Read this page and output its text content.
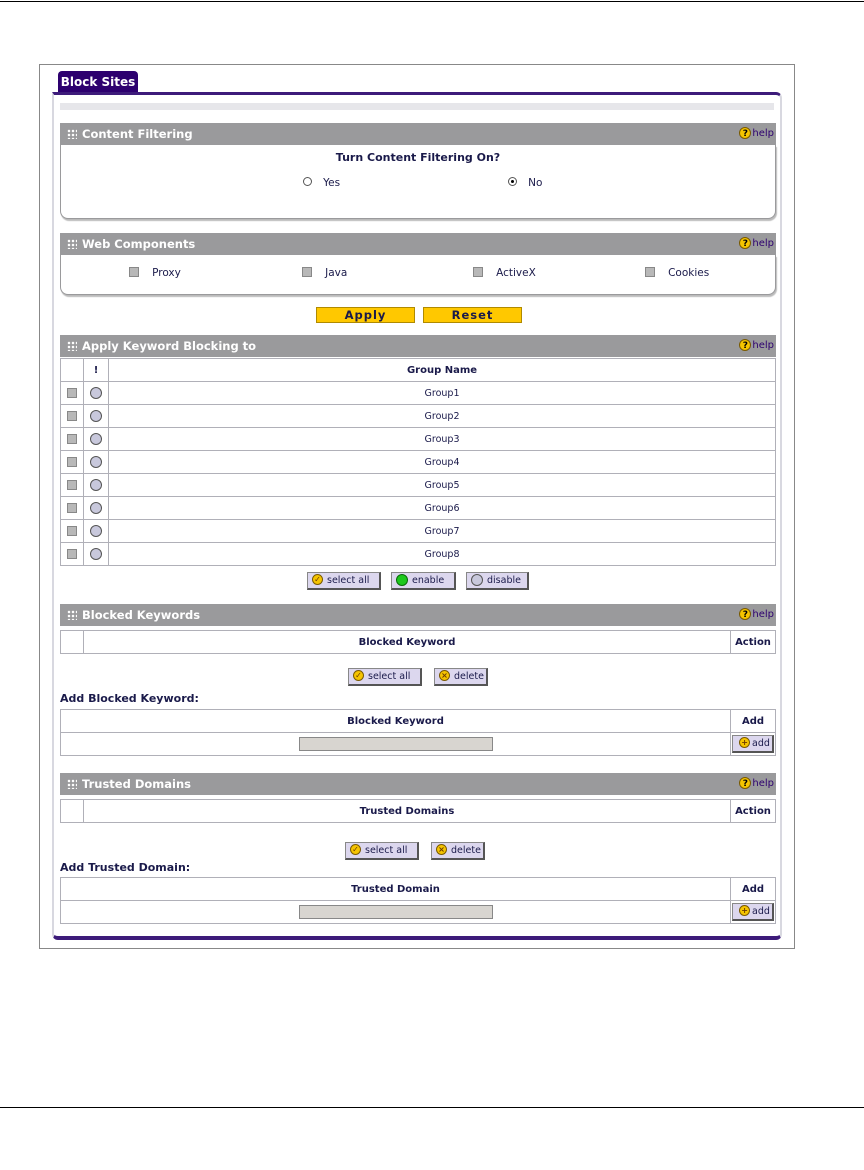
Block Sites
Content Filtering	? help
Turn Content Filtering On?
Yes	No
Web Components	? help
Proxy	Java	ActiveX	Cookies
Apply	Reset
Apply Keyword Blocking to	? help
	!	Group Name
		Group1
		Group2
		Group3
		Group4
		Group5
		Group6
		Group7
		Group8
✓ select all	enable	disable
Blocked Keywords	? help
	Blocked Keyword	Action
✓ select all	× delete
Add Blocked Keyword:
Blocked Keyword	Add
	+ add
Trusted Domains	? help
	Trusted Domains	Action
✓ select all	× delete
Add Trusted Domain:
Trusted Domain	Add
	+ add
